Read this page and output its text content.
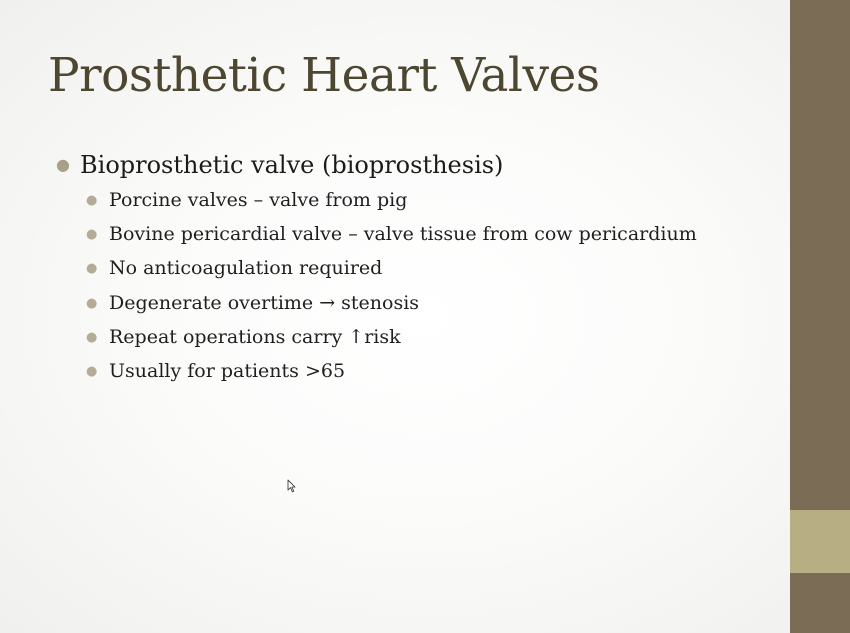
Prosthetic Heart Valves
● Bioprosthetic valve (bioprosthesis)
● Porcine valves – valve from pig
● Bovine pericardial valve – valve tissue from cow pericardium
● No anticoagulation required
● Degenerate overtime → stenosis
● Repeat operations carry ↑risk
● Usually for patients >65
